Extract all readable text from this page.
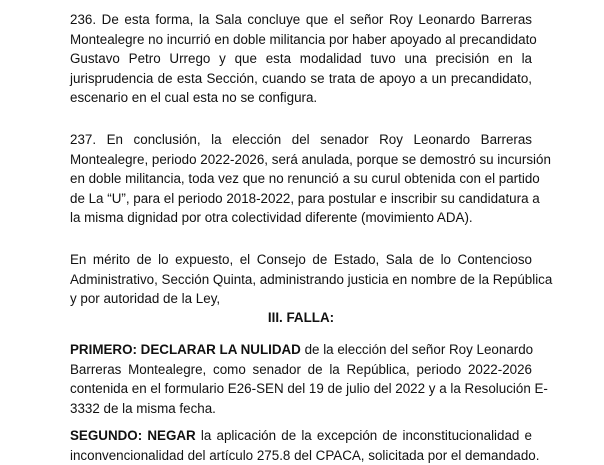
236. De esta forma, la Sala concluye que el señor Roy Leonardo Barreras
Montealegre no incurrió en doble militancia por haber apoyado al precandidato
Gustavo Petro Urrego y que esta modalidad tuvo una precisión en la
jurisprudencia de esta Sección, cuando se trata de apoyo a un precandidato,
escenario en el cual esta no se configura.
237. En conclusión, la elección del senador Roy Leonardo Barreras
Montealegre, periodo 2022-2026, será anulada, porque se demostró su incursión
en doble militancia, toda vez que no renunció a su curul obtenida con el partido
de La “U”, para el periodo 2018-2022, para postular e inscribir su candidatura a
la misma dignidad por otra colectividad diferente (movimiento ADA).
En mérito de lo expuesto, el Consejo de Estado, Sala de lo Contencioso
Administrativo, Sección Quinta, administrando justicia en nombre de la República
y por autoridad de la Ley,
III. FALLA:
PRIMERO: DECLARAR LA NULIDAD de la elección del señor Roy Leonardo
Barreras Montealegre, como senador de la República, periodo 2022-2026
contenida en el formulario E26-SEN del 19 de julio del 2022 y a la Resolución E-
3332 de la misma fecha.
SEGUNDO: NEGAR la aplicación de la excepción de inconstitucionalidad e
inconvencionalidad del artículo 275.8 del CPACA, solicitada por el demandado.
